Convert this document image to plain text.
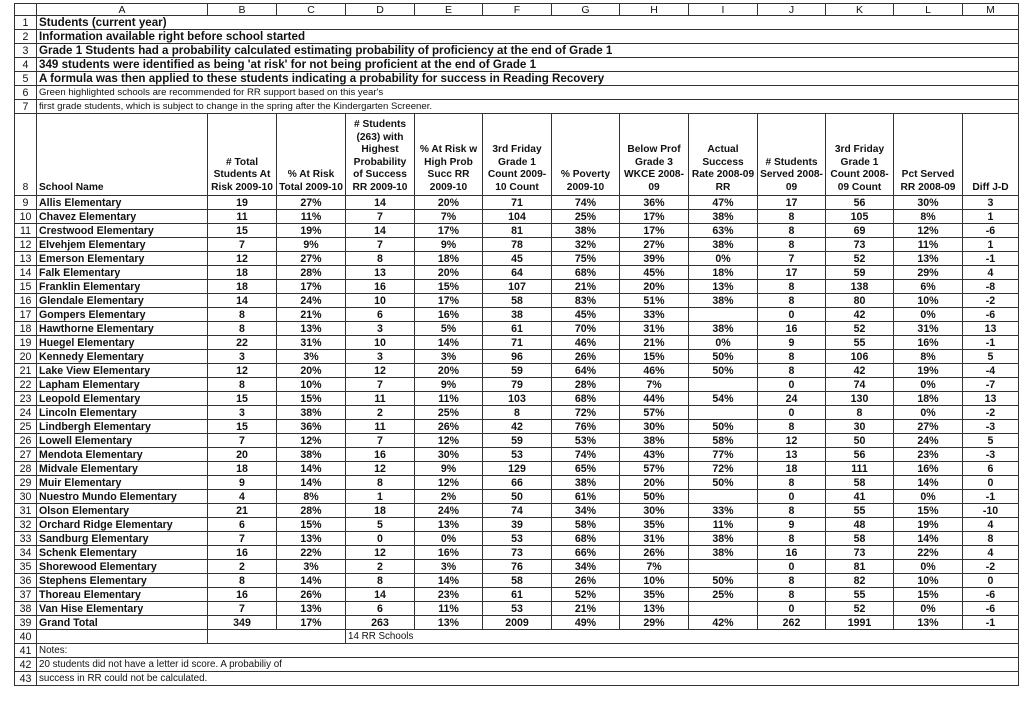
	A	B	C	D	E	F	G	H	I	J	K	L	M
1	Students (current year)												
2	Information available right before school started												
3	Grade 1 Students had a probability calculated estimating probability of proficiency at the end of Grade 1												
4	349 students were identified as being 'at risk' for not being proficient at the end of Grade 1												
5	A formula was then applied to these students indicating a probability for success in Reading Recovery												
6	Green highlighted schools are recommended for RR support based on this year's												
7	first grade students, which is subject to change in the spring after the Kindergarten Screener.												
8	School Name	# Total Students At Risk 2009-10	% At Risk Total 2009-10	# Students (263) with Highest Probability of Success RR 2009-10	% At Risk w High Prob Succ RR 2009-10	3rd Friday Grade 1 Count 2009-10 Count	% Poverty 2009-10	Below Prof Grade 3 WKCE 2008-09	Actual Success Rate 2008-09 RR	# Students Served 2008-09	3rd Friday Grade 1 Count 2008-09 Count	Pct Served RR 2008-09	Diff J-D
9	Allis Elementary	19	27%	14	20%	71	74%	36%	47%	17	56	30%	3
10	Chavez Elementary	11	11%	7	7%	104	25%	17%	38%	8	105	8%	1
11	Crestwood Elementary	15	19%	14	17%	81	38%	17%	63%	8	69	12%	-6
12	Elvehjem Elementary	7	9%	7	9%	78	32%	27%	38%	8	73	11%	1
13	Emerson Elementary	12	27%	8	18%	45	75%	39%	0%	7	52	13%	-1
14	Falk Elementary	18	28%	13	20%	64	68%	45%	18%	17	59	29%	4
15	Franklin Elementary	18	17%	16	15%	107	21%	20%	13%	8	138	6%	-8
16	Glendale Elementary	14	24%	10	17%	58	83%	51%	38%	8	80	10%	-2
17	Gompers Elementary	8	21%	6	16%	38	45%	33%		0	42	0%	-6
18	Hawthorne Elementary	8	13%	3	5%	61	70%	31%	38%	16	52	31%	13
19	Huegel Elementary	22	31%	10	14%	71	46%	21%	0%	9	55	16%	-1
20	Kennedy Elementary	3	3%	3	3%	96	26%	15%	50%	8	106	8%	5
21	Lake View Elementary	12	20%	12	20%	59	64%	46%	50%	8	42	19%	-4
22	Lapham Elementary	8	10%	7	9%	79	28%	7%		0	74	0%	-7
23	Leopold Elementary	15	15%	11	11%	103	68%	44%	54%	24	130	18%	13
24	Lincoln Elementary	3	38%	2	25%	8	72%	57%		0	8	0%	-2
25	Lindbergh Elementary	15	36%	11	26%	42	76%	30%	50%	8	30	27%	-3
26	Lowell Elementary	7	12%	7	12%	59	53%	38%	58%	12	50	24%	5
27	Mendota Elementary	20	38%	16	30%	53	74%	43%	77%	13	56	23%	-3
28	Midvale Elementary	18	14%	12	9%	129	65%	57%	72%	18	111	16%	6
29	Muir Elementary	9	14%	8	12%	66	38%	20%	50%	8	58	14%	0
30	Nuestro Mundo Elementary	4	8%	1	2%	50	61%	50%		0	41	0%	-1
31	Olson Elementary	21	28%	18	24%	74	34%	30%	33%	8	55	15%	-10
32	Orchard Ridge Elementary	6	15%	5	13%	39	58%	35%	11%	9	48	19%	4
33	Sandburg Elementary	7	13%	0	0%	53	68%	31%	38%	8	58	14%	8
34	Schenk Elementary	16	22%	12	16%	73	66%	26%	38%	16	73	22%	4
35	Shorewood Elementary	2	3%	2	3%	76	34%	7%		0	81	0%	-2
36	Stephens Elementary	8	14%	8	14%	58	26%	10%	50%	8	82	10%	0
37	Thoreau Elementary	16	26%	14	23%	61	52%	35%	25%	8	55	15%	-6
38	Van Hise Elementary	7	13%	6	11%	53	21%	13%		0	52	0%	-6
39	Grand Total	349	17%	263	13%	2009	49%	29%	42%	262	1991	13%	-1
40				14 RR Schools									
41	Notes:												
42	20 students did not have a letter id score. A probabiliy of												
43	success in RR could not be calculated.												
